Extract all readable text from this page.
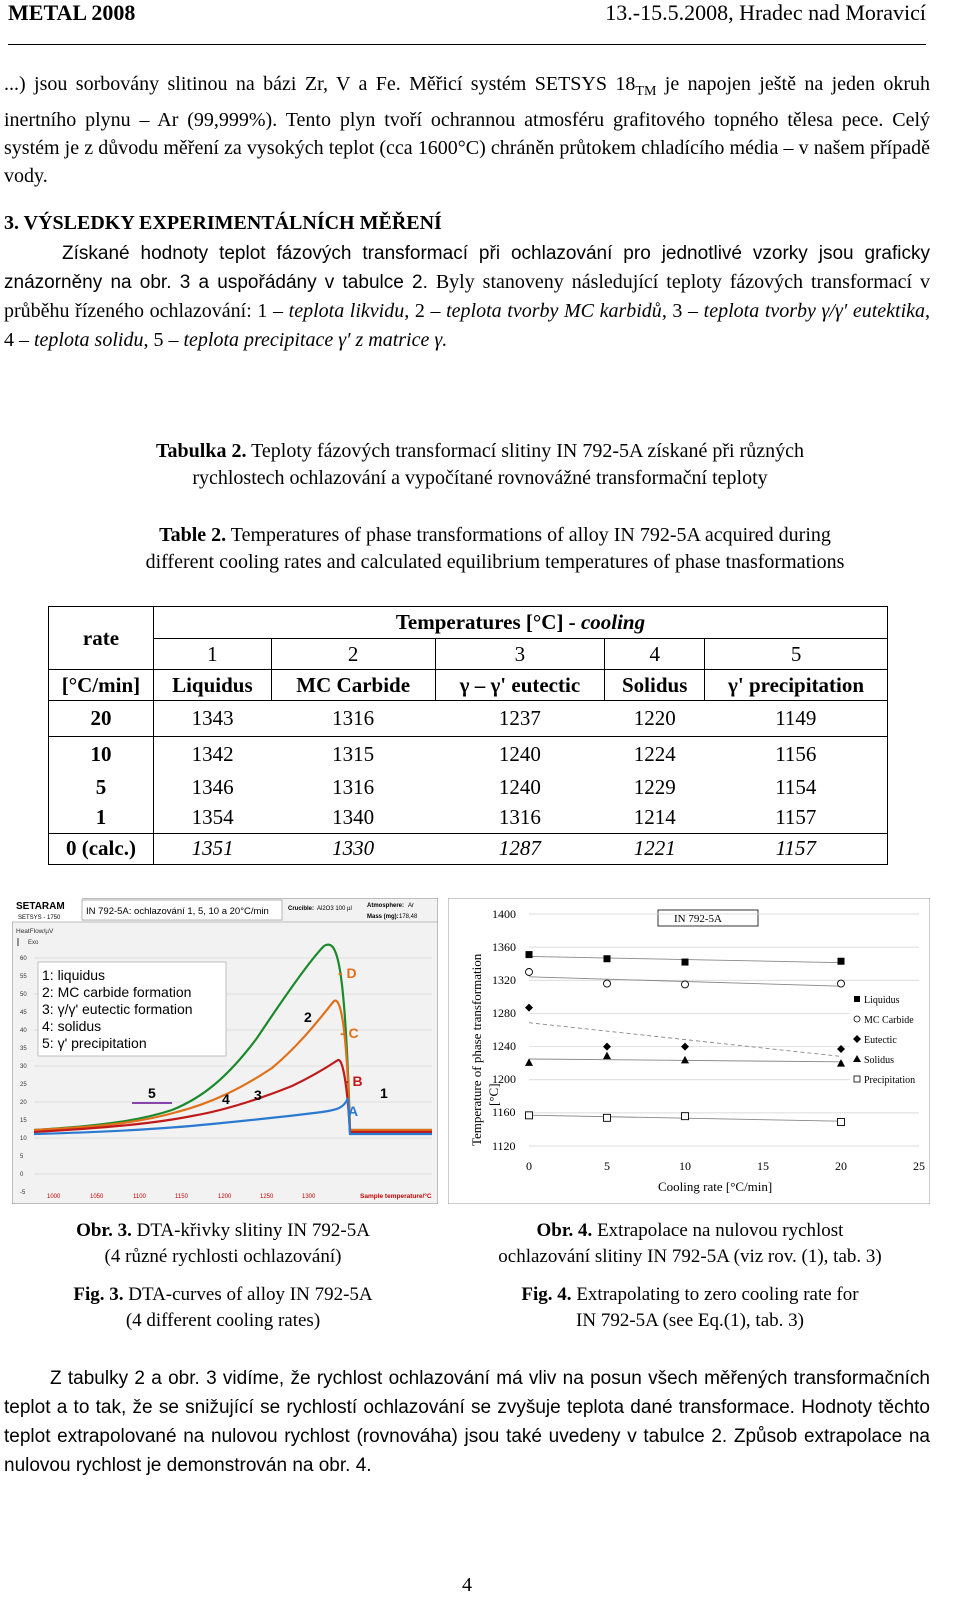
METAL 2008	13.-15.5.2008, Hradec nad Moravicí
...) jsou sorbovány slitinou na bázi Zr, V a Fe. Měřicí systém SETSYS $18_{TM}$ je napojen ještě na jeden okruh inertního plynu – Ar (99,999%). Tento plyn tvoří ochrannou atmosféru grafitového topného tělesa pece. Celý systém je z důvodu měření za vysokých teplot (cca 1600°C) chráněn průtokem chladícího média – v našem případě vody.
3. VÝSLEDKY EXPERIMENTÁLNÍCH MĚŘENÍ
Získané hodnoty teplot fázových transformací při ochlazování pro jednotlivé vzorky jsou graficky znázorněny na obr. 3 a uspořádány v tabulce 2. Byly stanoveny následující teploty fázových transformací v průběhu řízeného ochlazování: 1 – teplota likvidu, 2 – teplota tvorby MC karbidů, 3 – teplota tvorby γ/γ′ eutektika, 4 – teplota solidu, 5 – teplota precipitace γ′ z matrice γ.
Tabulka 2. Teploty fázových transformací slitiny IN 792-5A získané při různých
rychlostech ochlazování a vypočítané rovnovážné transformační teploty
Table 2. Temperatures of phase transformations of alloy IN 792-5A acquired during
different cooling rates and calculated equilibrium temperatures of phase tnasformations
rate	Temperatures [°C] - cooling				
	1	2	3	4	5
[°C/min]	Liquidus	MC Carbide	γ – γ' eutectic	Solidus	γ' precipitation
20	1343	1316	1237	1220	1149
10	1342	1315	1240	1224	1156
5	1346	1316	1240	1229	1154
1	1354	1340	1316	1214	1157
0 (calc.)	1351	1330	1287	1221	1157
SETARAM
SETSYS - 1750
IN 792-5A: ochlazování 1, 5, 10 a 20°C/min	Crucible: Al2O3 100 µl	Atmosphere: Ar
Mass (mg): 178,48
HeatFlow/µV
Exo
60
55
50
45
40
35
30
25
20
15
10
5
0
-5
1000	1050	1100	1150	1200	1250	1300	Sample temperature/°C
1: liquidus
2: MC carbide formation
3: γ/γ' eutectic formation
4: solidus
5: γ' precipitation
- D
- C
- B
A
5	4 3
2
1	Temperature of phase transformation [°C]
Cooling rate [°C/min]
IN 792-5A
1400
1360
1320
1280
1240
1200
1160
1120
0	5	10	15	20	25
Liquidus
MC Carbide
Eutectic
Solidus
Precipitation
Obr. 3. DTA-křivky slitiny IN 792-5A
(4 různé rychlosti ochlazování)
Fig. 3. DTA-curves of alloy IN 792-5A
(4 different cooling rates)
Obr. 4. Extrapolace na nulovou rychlost
ochlazování slitiny IN 792-5A (viz rov. (1), tab. 3)
Fig. 4. Extrapolating to zero cooling rate for
IN 792-5A (see Eq.(1), tab. 3)
Z tabulky 2 a obr. 3 vidíme, že rychlost ochlazování má vliv na posun všech měřených transformačních teplot a to tak, že se snižující se rychlostí ochlazování se zvyšuje teplota dané transformace. Hodnoty těchto teplot extrapolované na nulovou rychlost (rovnováha) jsou také uvedeny v tabulce 2. Způsob extrapolace na nulovou rychlost je demonstrován na obr. 4.
4
